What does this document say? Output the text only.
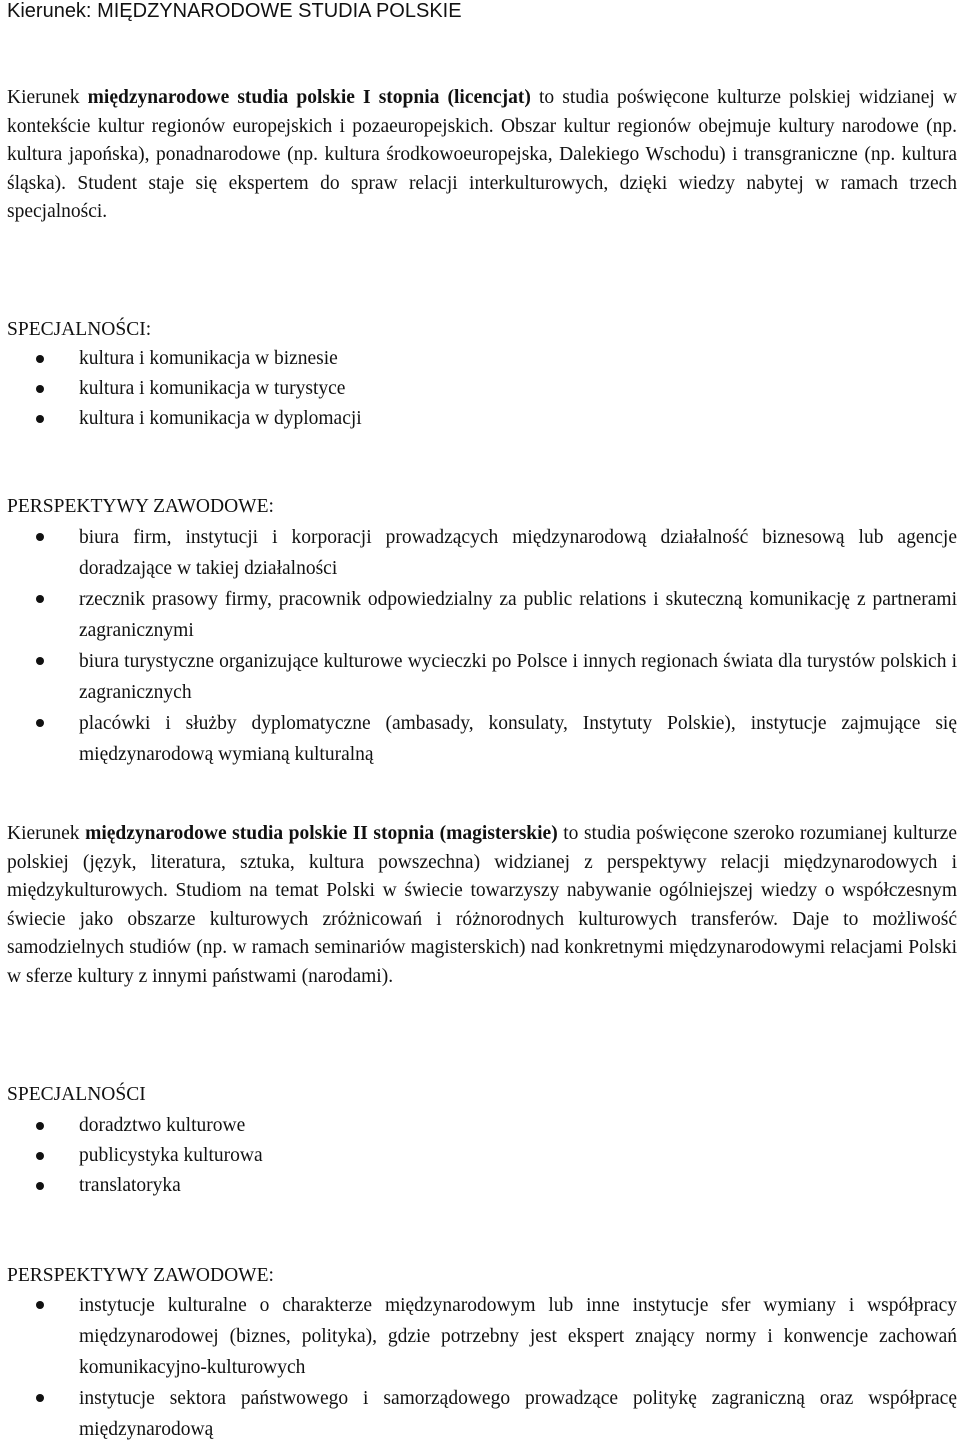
Kierunek: MIĘDZYNARODOWE STUDIA POLSKIE

Kierunek międzynarodowe studia polskie I stopnia (licencjat) to studia poświęcone kulturze polskiej widzianej w kontekście kultur regionów europejskich i pozaeuropejskich. Obszar kultur regionów obejmuje kultury narodowe (np. kultura japońska), ponadnarodowe (np. kultura środkowoeuropejska, Dalekiego Wschodu) i transgraniczne (np. kultura śląska). Student staje się ekspertem do spraw relacji interkulturowych, dzięki wiedzy nabytej w ramach trzech specjalności.

SPECJALNOŚCI:
kultura i komunikacja w biznesie
kultura i komunikacja w turystyce
kultura i komunikacja w dyplomacji
PERSPEKTYWY ZAWODOWE:
biura firm, instytucji i korporacji prowadzących międzynarodową działalność biznesową lub agencje doradzające w takiej działalności
rzecznik prasowy firmy, pracownik odpowiedzialny za public relations i skuteczną komunikację z partnerami zagranicznymi
biura turystyczne organizujące kulturowe wycieczki po Polsce i innych regionach świata dla turystów polskich i zagranicznych
placówki i służby dyplomatyczne (ambasady, konsulaty, Instytuty Polskie), instytucje zajmujące się międzynarodową wymianą kulturalną

Kierunek międzynarodowe studia polskie II stopnia (magisterskie) to studia poświęcone szeroko rozumianej kulturze polskiej (język, literatura, sztuka, kultura powszechna) widzianej z perspektywy relacji międzynarodowych i międzykulturowych. Studiom na temat Polski w świecie towarzyszy nabywanie ogólniejszej wiedzy o współczesnym świecie jako obszarze kulturowych zróżnicowań i różnorodnych kulturowych transferów. Daje to możliwość samodzielnych studiów (np. w ramach seminariów magisterskich) nad konkretnymi międzynarodowymi relacjami Polski w sferze kultury z innymi państwami (narodami).

SPECJALNOŚCI
doradztwo kulturowe
publicystyka kulturowa
translatoryka
PERSPEKTYWY ZAWODOWE:
instytucje kulturalne o charakterze międzynarodowym lub inne instytucje sfer wymiany i współpracy międzynarodowej (biznes, polityka), gdzie potrzebny jest ekspert znający normy i konwencje zachowań komunikacyjno-kulturowych
instytucje sektora państwowego i samorządowego prowadzące politykę zagraniczną oraz współpracę międzynarodową
